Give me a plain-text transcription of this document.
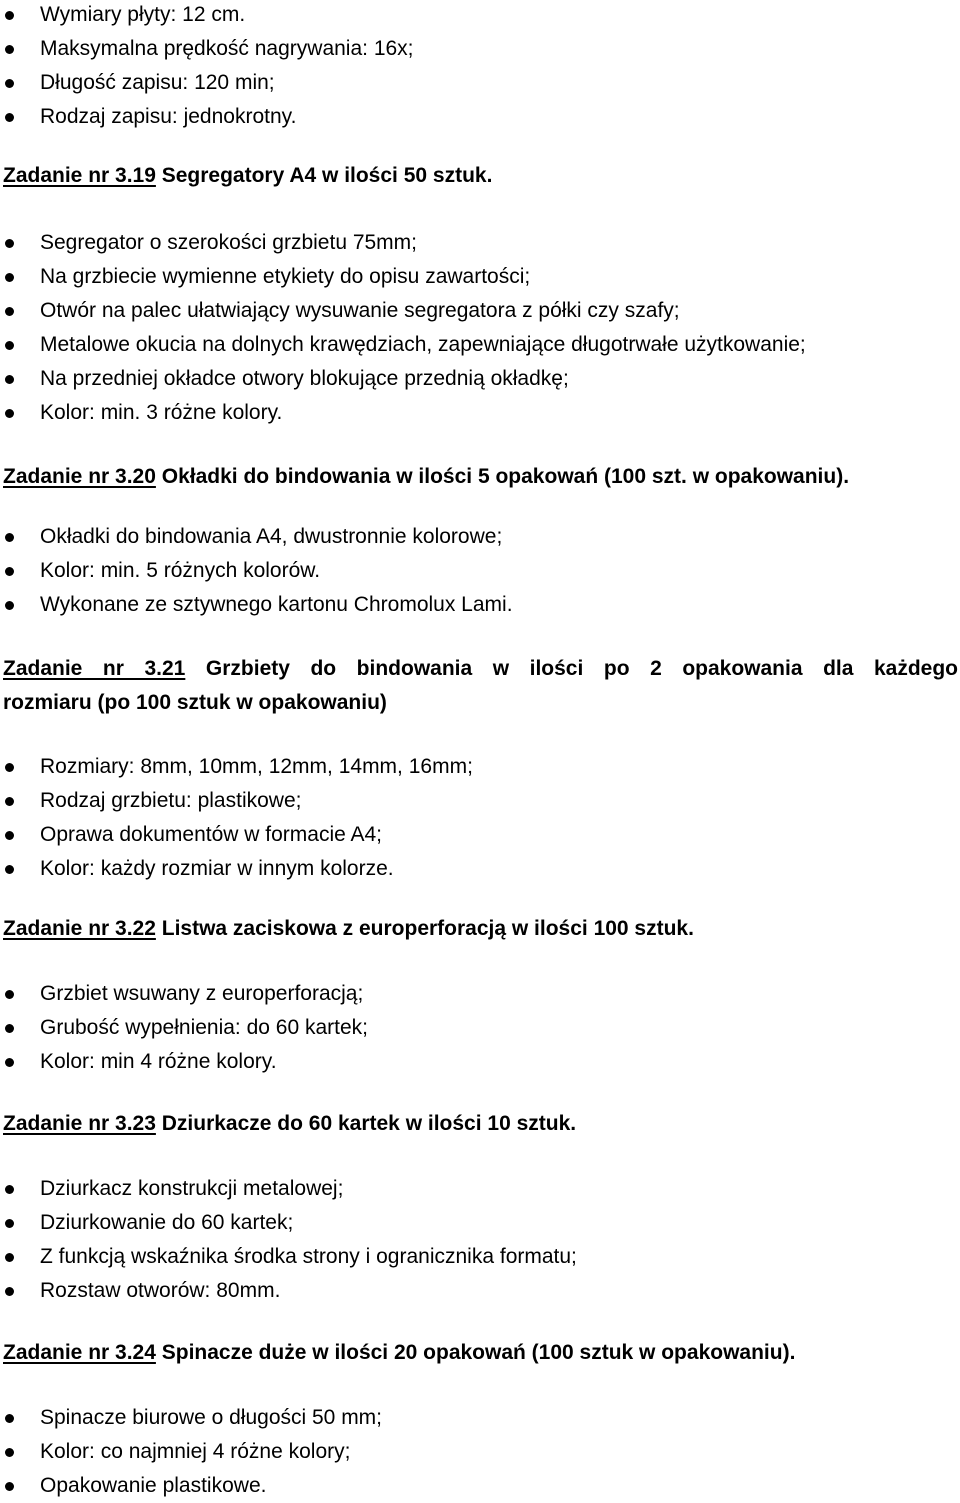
Wymiary płyty: 12 cm.
Maksymalna prędkość nagrywania: 16x;
Długość zapisu: 120 min;
Rodzaj zapisu: jednokrotny.
Zadanie nr 3.19 Segregatory A4 w ilości 50 sztuk.
Segregator o szerokości grzbietu 75mm;
Na grzbiecie wymienne etykiety do opisu zawartości;
Otwór na palec ułatwiający wysuwanie segregatora z półki czy szafy;
Metalowe okucia na dolnych krawędziach, zapewniające długotrwałe użytkowanie;
Na przedniej okładce otwory blokujące przednią okładkę;
Kolor: min. 3 różne kolory.
Zadanie nr 3.20 Okładki do bindowania w ilości 5 opakowań (100 szt. w opakowaniu).
Okładki do bindowania A4, dwustronnie kolorowe;
Kolor: min. 5 różnych kolorów.
Wykonane ze sztywnego kartonu Chromolux Lami.
Zadanie nr 3.21 Grzbiety do bindowania w ilości po 2 opakowania dla każdego
rozmiaru (po 100 sztuk w opakowaniu)
Rozmiary: 8mm, 10mm, 12mm, 14mm, 16mm;
Rodzaj grzbietu: plastikowe;
Oprawa dokumentów w formacie A4;
Kolor: każdy rozmiar w innym kolorze.
Zadanie nr 3.22 Listwa zaciskowa z europerforacją w ilości 100 sztuk.
Grzbiet wsuwany z europerforacją;
Grubość wypełnienia: do 60 kartek;
Kolor: min 4 różne kolory.
Zadanie nr 3.23 Dziurkacze do 60 kartek w ilości 10 sztuk.
Dziurkacz konstrukcji metalowej;
Dziurkowanie do 60 kartek;
Z funkcją wskaźnika środka strony i ogranicznika formatu;
Rozstaw otworów: 80mm.
Zadanie nr 3.24 Spinacze duże w ilości 20 opakowań (100 sztuk w opakowaniu).
Spinacze biurowe o długości 50 mm;
Kolor: co najmniej 4 różne kolory;
Opakowanie plastikowe.
